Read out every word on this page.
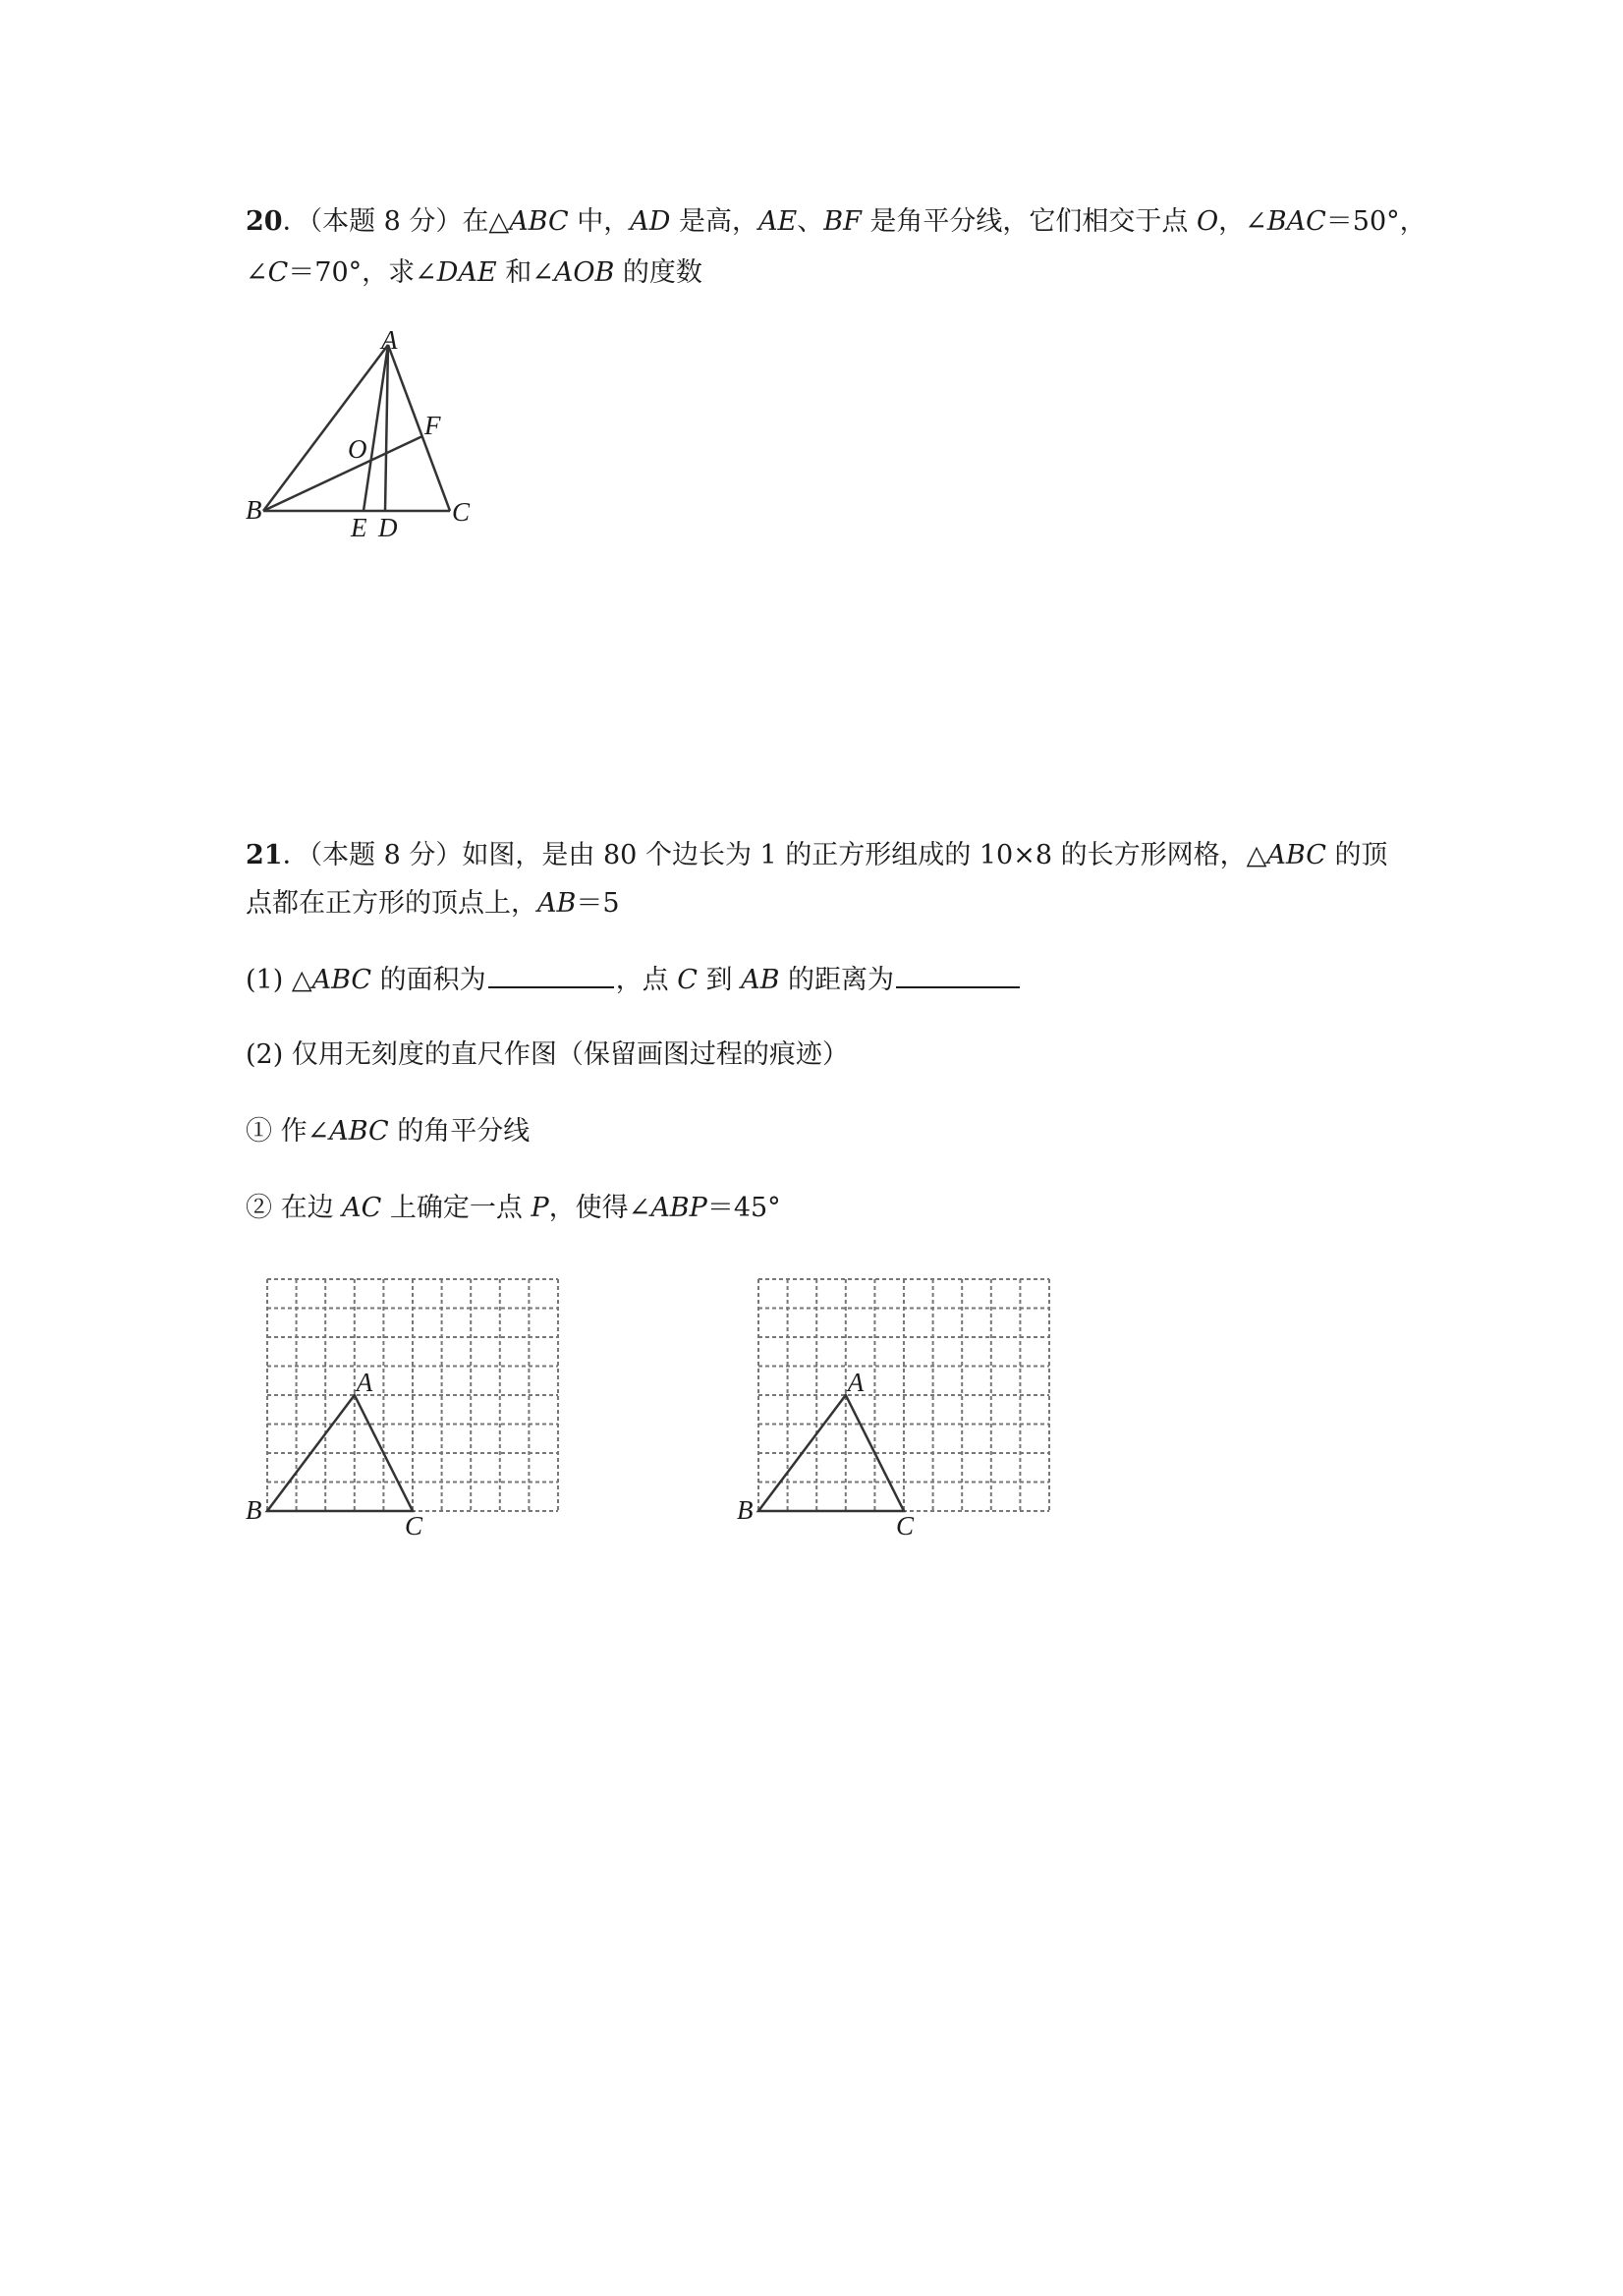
20．（本题 8 分）在△ABC 中，AD 是高，AE、BF 是角平分线，它们相交于点 O，∠BAC＝50°，
∠C＝70°，求∠DAE 和∠AOB 的度数
A
O
F
B
E D
C
21．（本题 8 分）如图，是由 80 个边长为 1 的正方形组成的 10×8 的长方形网格，△ABC 的顶
点都在正方形的顶点上，AB＝5
(1) △ABC 的面积为	，点 C 到 AB 的距离为
(2) 仅用无刻度的直尺作图（保留画图过程的痕迹）
① 作∠ABC 的角平分线
② 在边 AC 上确定一点 P，使得∠ABP＝45°
A
B
C
A
B
C
